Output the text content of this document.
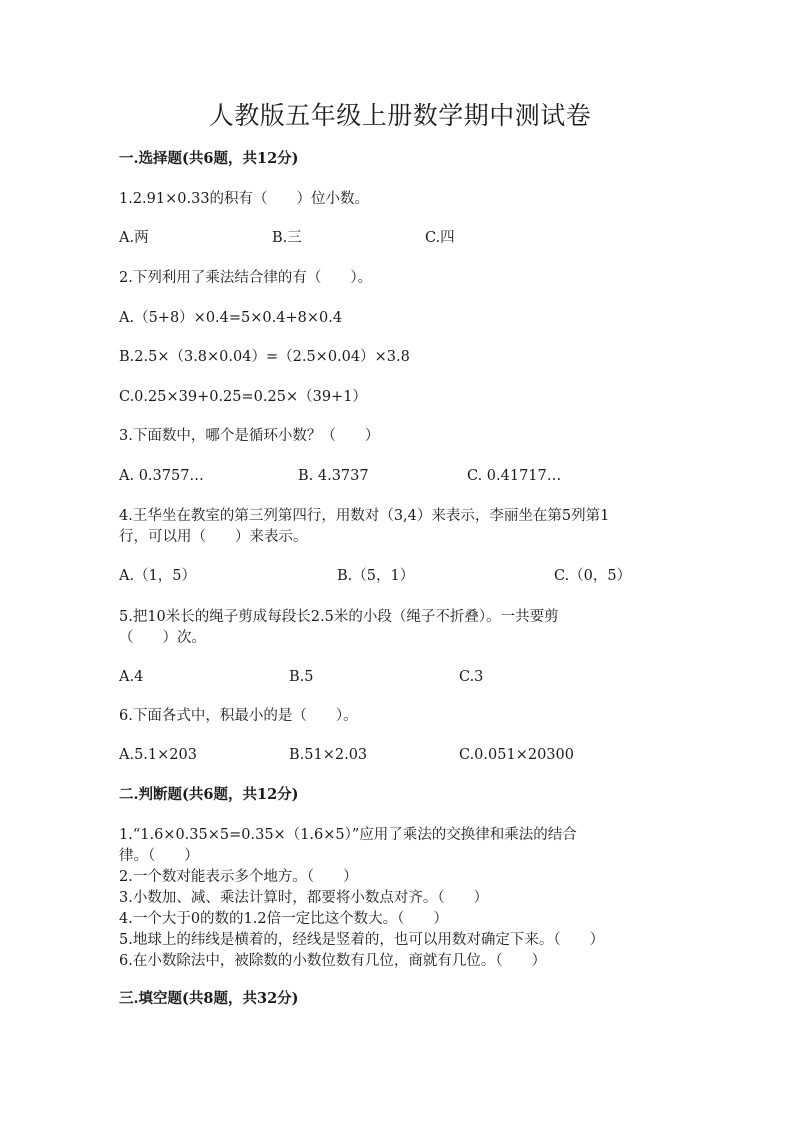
人教版五年级上册数学期中测试卷
一.选择题(共6题，共12分)
1.2.91×0.33的积有（　　）位小数。
A.两	B.三	C.四
2.下列利用了乘法结合律的有（　　）。
A.（5+8）×0.4=5×0.4+8×0.4
B.2.5×（3.8×0.04）=（2.5×0.04）×3.8
C.0.25×39+0.25=0.25×（39+1）
3.下面数中，哪个是循环小数？（　　）
A. 0.3757…	B. 4.3737	C. 0.41717…
4.王华坐在教室的第三列第四行，用数对（3,4）来表示，李丽坐在第5列第1
行，可以用（　　）来表示。
A.（1，5）	B.（5，1）	C.（0，5）
5.把10米长的绳子剪成每段长2.5米的小段（绳子不折叠）。一共要剪
（　　）次。
A.4	B.5	C.3
6.下面各式中，积最小的是（　　）。
A.5.1×203	B.51×2.03	C.0.051×20300
二.判断题(共6题，共12分)
1.“1.6×0.35×5=0.35×（1.6×5）”应用了乘法的交换律和乘法的结合
律。（　　）
2.一个数对能表示多个地方。（　　）
3.小数加、减、乘法计算时，都要将小数点对齐。（　　）
4.一个大于0的数的1.2倍一定比这个数大。（　　）
5.地球上的纬线是横着的，经线是竖着的，也可以用数对确定下来。（　　）
6.在小数除法中，被除数的小数位数有几位，商就有几位。（　　）
三.填空题(共8题，共32分)
